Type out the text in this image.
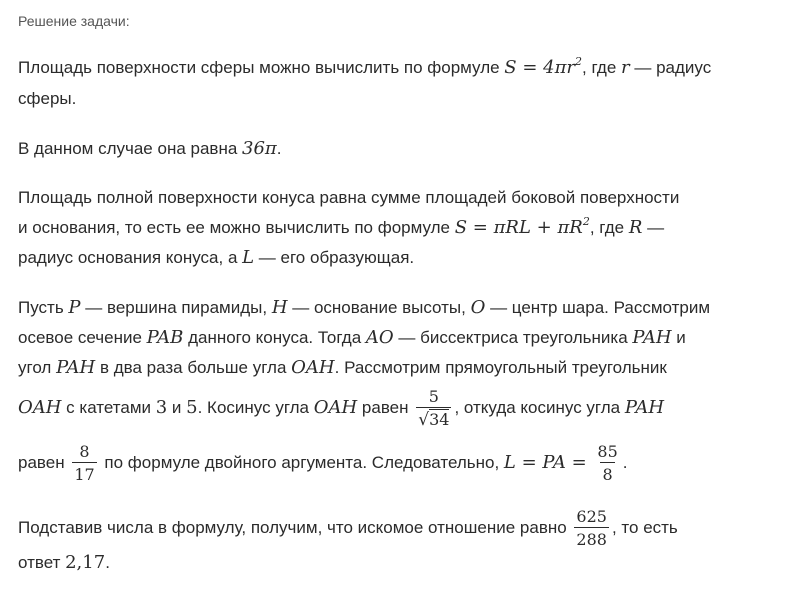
Решение задачи:
Площадь поверхности сферы можно вычислить по формуле $S = 4\pi r^2$, где r — радиус
сферы.
В данном случае она равна 36π.
Площадь полной поверхности конуса равна сумме площадей боковой поверхности
и основания, то есть ее можно вычислить по формуле $S = \pi RL + \pi R^2$, где R —
радиус основания конуса, а L — его образующая.
Пусть P — вершина пирамиды, H — основание высоты, O — центр шара. Рассмотрим
осевое сечение PAB данного конуса. Тогда AO — биссектриса треугольника PAH и
угол PAH в два раза больше угла OAH. Рассмотрим прямоугольный треугольник
OAH с катетами 3 и 5. Косинус угла OAH равен $\frac{5}{√34}$ , откуда косинус угла PAH
равен $\frac{8}{17}$ по формуле двойного аргумента. Следовательно, L = PA = $\frac{85}{8}$ .
Подставив числа в формулу, получим, что искомое отношение равно $\frac{625}{288}$ , то есть
ответ 2,17.
